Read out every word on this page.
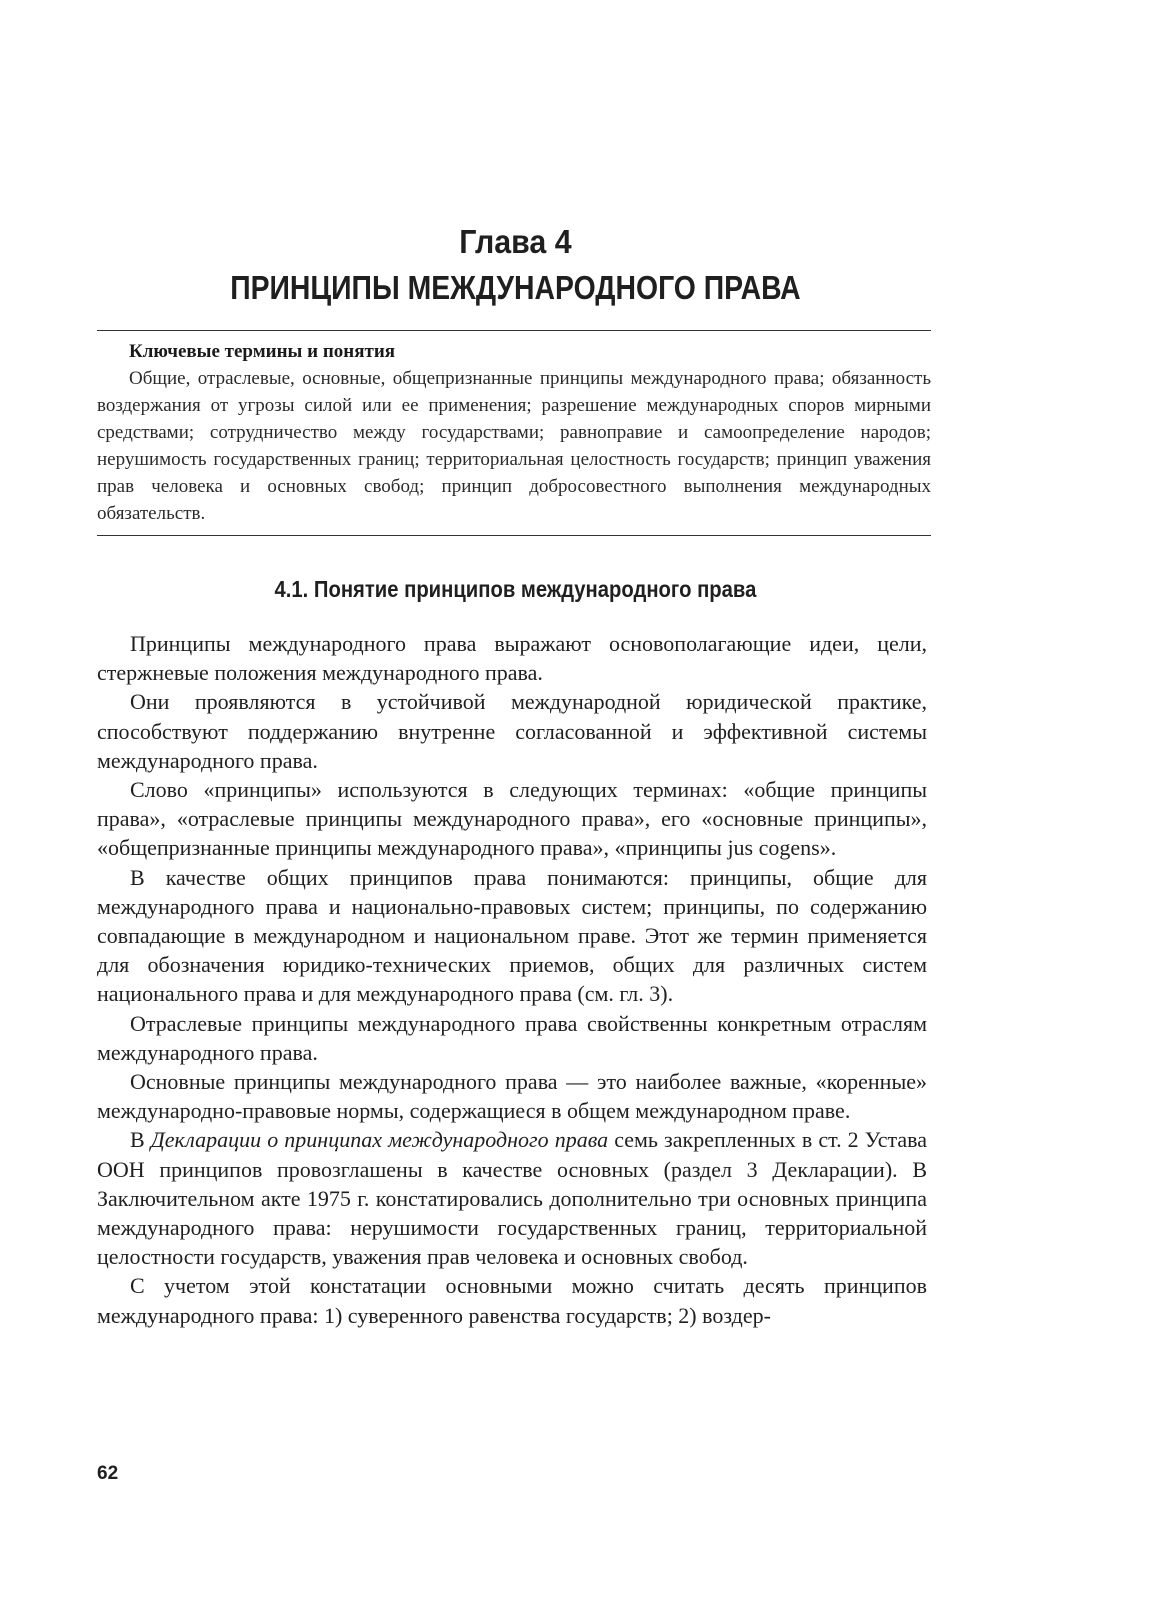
Глава 4
ПРИНЦИПЫ МЕЖДУНАРОДНОГО ПРАВА
Ключевые термины и понятия

Общие, отраслевые, основные, общепризнанные принципы международного права; обязанность воздержания от угрозы силой или ее применения; разрешение международных споров мирными средствами; сотрудничество между государствами; равноправие и самоопределение народов; нерушимость государственных границ; территориальная целостность государств; принцип уважения прав человека и основных свобод; принцип добросовестного выполнения международных обязательств.

4.1. Понятие принципов международного права

Принципы международного права выражают основополагающие идеи, цели, стержневые положения международного права.

Они проявляются в устойчивой международной юридической практике, способствуют поддержанию внутренне согласованной и эффективной системы международного права.

Слово «принципы» используются в следующих терминах: «общие принципы права», «отраслевые принципы международного права», его «основные принципы», «общепризнанные принципы международного права», «принципы jus cogens».

В качестве общих принципов права понимаются: принципы, общие для международного права и национально-правовых систем; принципы, по содержанию совпадающие в международном и национальном праве. Этот же термин применяется для обозначения юридико-технических приемов, общих для различных систем национального права и для международного права (см. гл. 3).

Отраслевые принципы международного права свойственны конкретным отраслям международного права.

Основные принципы международного права — это наиболее важные, «коренные» международно-правовые нормы, содержащиеся в общем международном праве.

В Декларации о принципах международного права семь закрепленных в ст. 2 Устава ООН принципов провозглашены в качестве основных (раздел 3 Декларации). В Заключительном акте 1975 г. констатировались дополнительно три основных принципа международного права: нерушимости государственных границ, территориальной целостности государств, уважения прав человека и основных свобод.

С учетом этой констатации основными можно считать десять принципов международного права: 1) суверенного равенства государств; 2) воздер-

62
